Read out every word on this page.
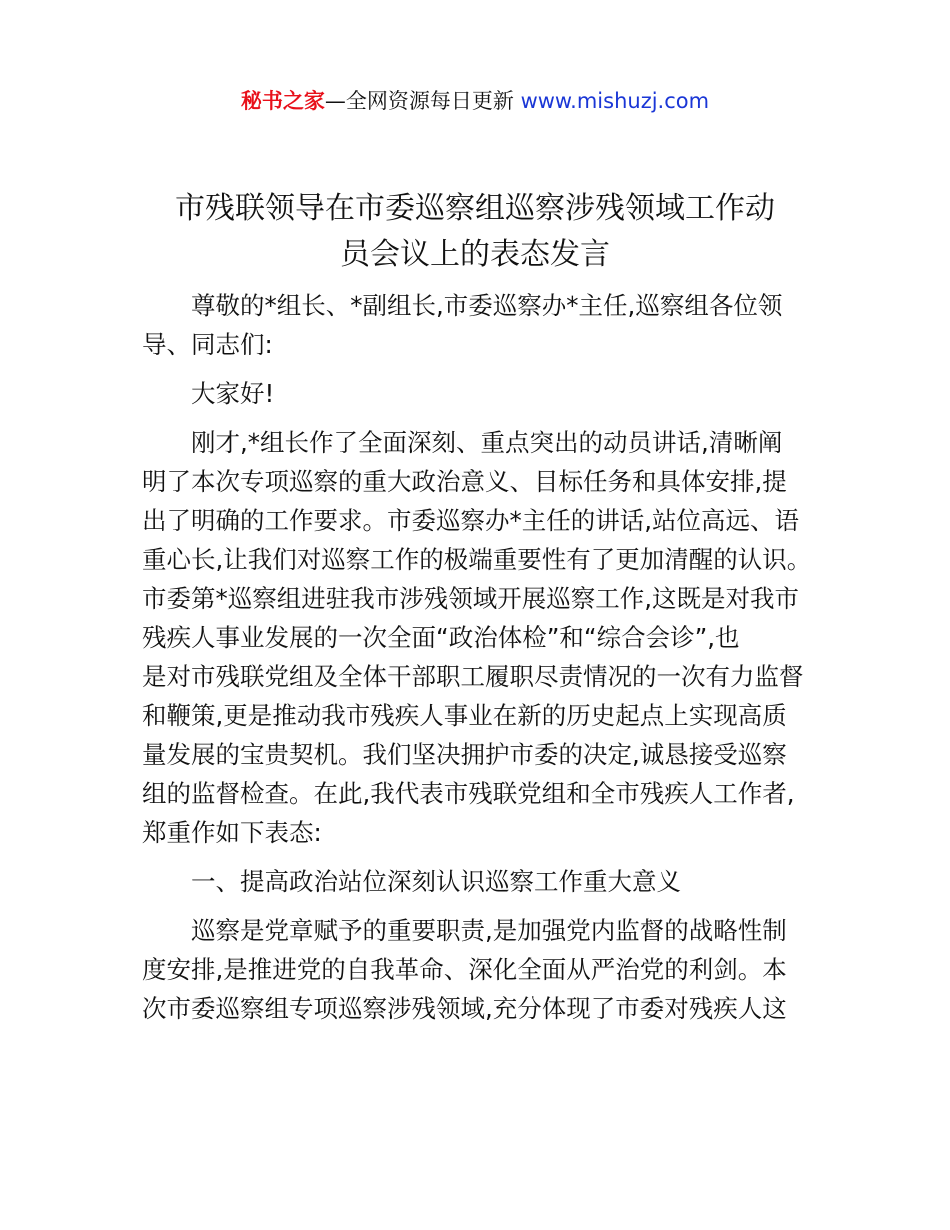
秘书之家—全网资源每日更新 www.mishuzj.com
市残联领导在市委巡察组巡察涉残领域工作动
员会议上的表态发言

尊敬的*组长、*副组长,市委巡察办*主任,巡察组各位领
导、同志们:

大家好!

刚才,*组长作了全面深刻、重点突出的动员讲话,清晰阐
明了本次专项巡察的重大政治意义、目标任务和具体安排,提
出了明确的工作要求。市委巡察办*主任的讲话,站位高远、语
重心长,让我们对巡察工作的极端重要性有了更加清醒的认识。
市委第*巡察组进驻我市涉残领域开展巡察工作,这既是对我市
残疾人事业发展的一次全面“政治体检”和“综合会诊”,也
是对市残联党组及全体干部职工履职尽责情况的一次有力监督
和鞭策,更是推动我市残疾人事业在新的历史起点上实现高质
量发展的宝贵契机。我们坚决拥护市委的决定,诚恳接受巡察
组的监督检查。在此,我代表市残联党组和全市残疾人工作者,
郑重作如下表态:

一、提高政治站位深刻认识巡察工作重大意义

巡察是党章赋予的重要职责,是加强党内监督的战略性制
度安排,是推进党的自我革命、深化全面从严治党的利剑。本
次市委巡察组专项巡察涉残领域,充分体现了市委对残疾人这
